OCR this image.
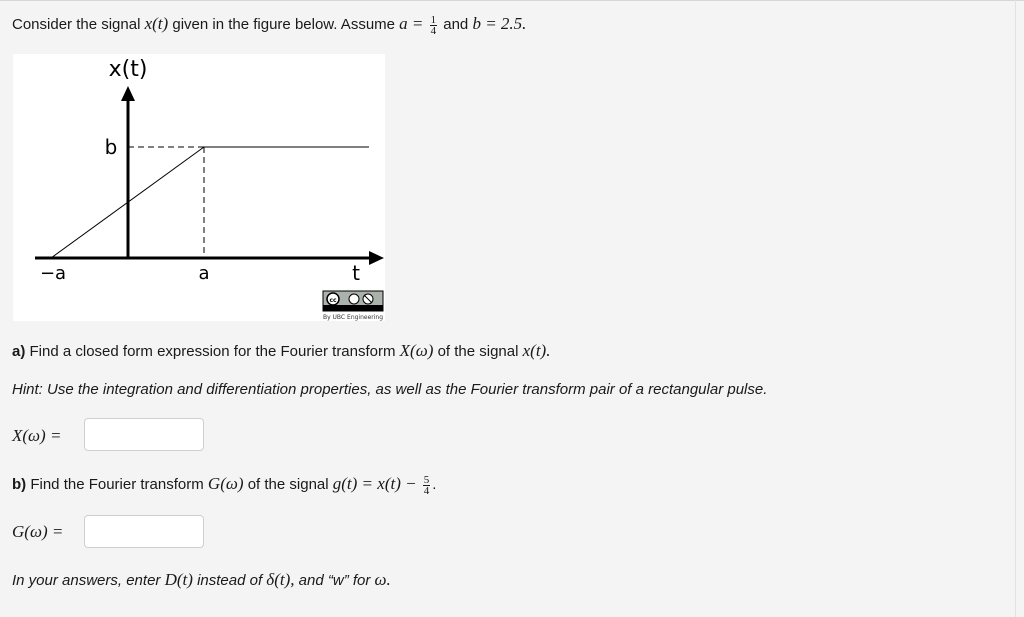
Consider the signal x(t) given in the figure below. Assume $a = \frac{1}{4}$ and b = 2.5.
x(t)
b
−a	a	t
cc
By UBC Engineering
a) Find a closed form expression for the Fourier transform X(ω) of the signal x(t).
Hint: Use the integration and differentiation properties, as well as the Fourier transform pair of a rectangular pulse.
X(ω) =
b) Find the Fourier transform G(ω) of the signal $g(t) = x(t) - \frac{5}{4}$ .
G(ω) =
In your answers, enter D(t) instead of δ(t), and “w” for ω.
